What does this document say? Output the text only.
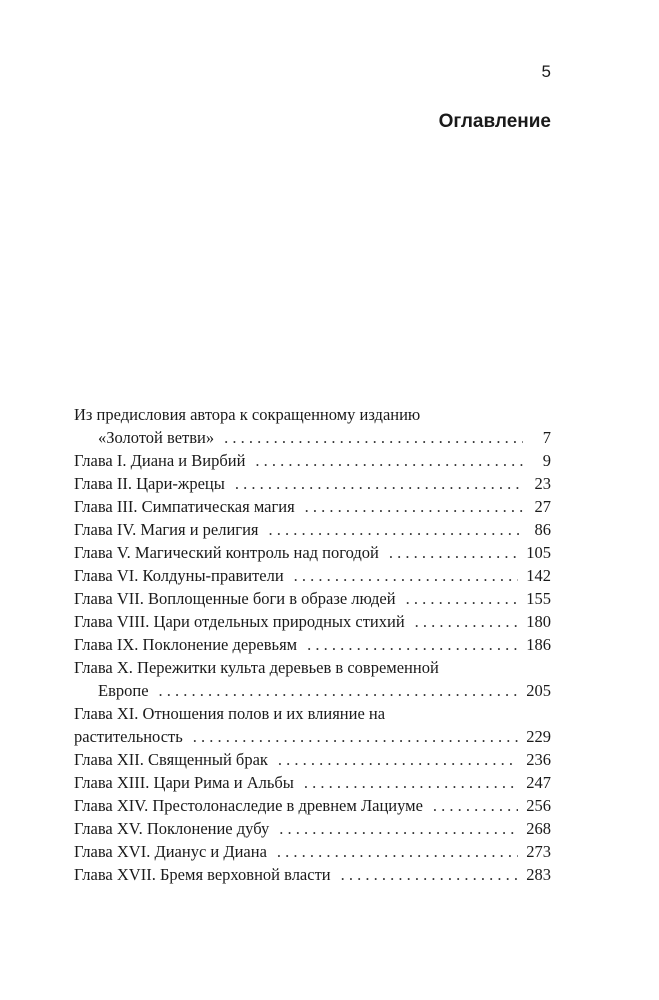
5
Оглавление
Из предисловия автора к сокращенному изданию
«Золотой ветви» . . .	7
Глава I. Диана и Вирбий . . .	9
Глава II. Цари-жрецы . . .	23
Глава III. Симпатическая магия . . .	27
Глава IV. Магия и религия . . .	86
Глава V. Магический контроль над погодой . . .	105
Глава VI. Колдуны-правители . . .	142
Глава VII. Воплощенные боги в образе людей . . .	155
Глава VIII. Цари отдельных природных стихий . . .	180
Глава IX. Поклонение деревьям . . .	186
Глава X. Пережитки культа деревьев в современной
Европе . . .	205
Глава XI. Отношения полов и их влияние на
растительность . . .	229
Глава XII. Священный брак . . .	236
Глава XIII. Цари Рима и Альбы . . .	247
Глава XIV. Престолонаследие в древнем Лациуме . . .	256
Глава XV. Поклонение дубу . . .	268
Глава XVI. Дианус и Диана . . .	273
Глава XVII. Бремя верховной власти . . .	283
